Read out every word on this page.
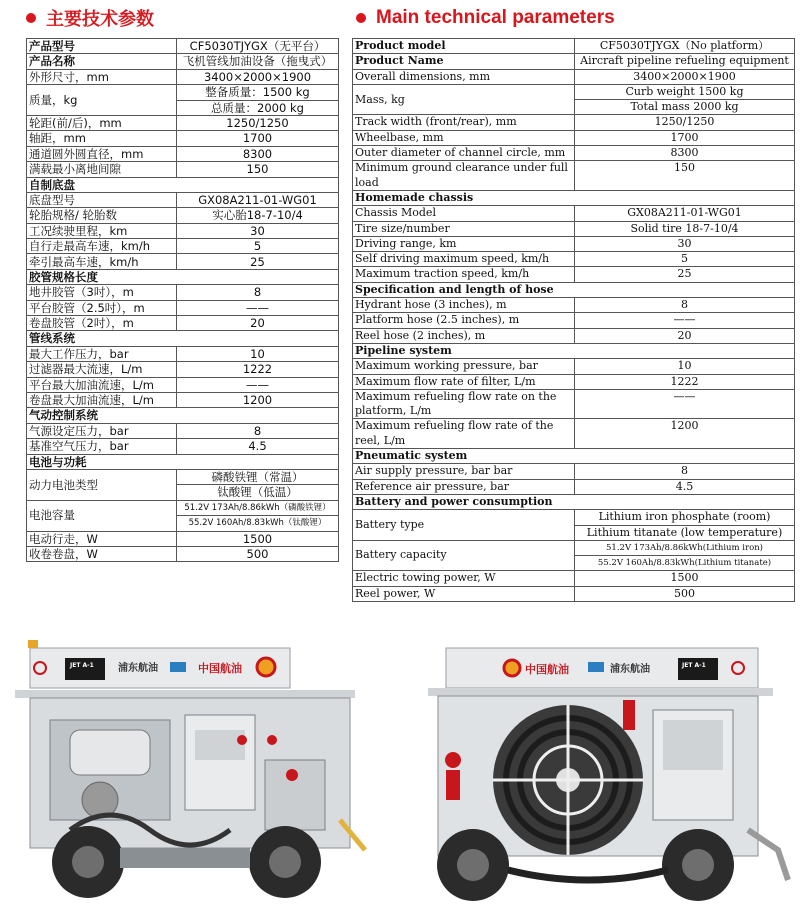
主要技术参数	Main technical parameters
产品型号	CF5030TJYGX（无平台）
产品名称	飞机管线加油设备（拖曳式）
外形尺寸，mm	3400×2000×1900
质量，kg	整备质量：1500 kg
	总质量：2000 kg
轮距(前/后)，mm	1250/1250
轴距，mm	1700
通道圆外圆直径，mm	8300
满载最小离地间隙	150
自制底盘	
底盘型号	GX08A211-01-WG01
轮胎规格/ 轮胎数	实心胎18-7-10/4
工况续驶里程，km	30
自行走最高车速，km/h	5
牵引最高车速，km/h	25
胶管规格长度	
地井胶管（3吋），m	8
平台胶管（2.5吋），m	——
卷盘胶管（2吋），m	20
管线系统	
最大工作压力，bar	10
过滤器最大流速，L/m	1222
平台最大加油流速，L/m	——
卷盘最大加油流速，L/m	1200
气动控制系统	
气源设定压力，bar	8
基准空气压力，bar	4.5
电池与功耗	
动力电池类型	磷酸铁锂（常温）
	钛酸锂（低温）
电池容量	51.2V 173Ah/8.86kWh（磷酸铁锂）
	55.2V 160Ah/8.83kWh（钛酸锂）
电动行走，W	1500
收卷卷盘，W	500
Product model	CF5030TJYGX（No platform）
Product Name	Aircraft pipeline refueling equipment
Overall dimensions, mm	3400×2000×1900
Mass, kg	Curb weight 1500 kg
	Total mass 2000 kg
Track width (front/rear), mm	1250/1250
Wheelbase, mm	1700
Outer diameter of channel circle, mm	8300
Minimum ground clearance under full load	150
Homemade chassis	
Chassis Model	GX08A211-01-WG01
Tire size/number	Solid tire 18-7-10/4
Driving range, km	30
Self driving maximum speed, km/h	5
Maximum traction speed, km/h	25
Specification and length of hose	
Hydrant hose (3 inches), m	8
Platform hose (2.5 inches), m	——
Reel hose (2 inches), m	20
Pipeline system	
Maximum working pressure, bar	10
Maximum flow rate of filter, L/m	1222
Maximum refueling flow rate on the platform, L/m	——
Maximum refueling flow rate of the reel, L/m	1200
Pneumatic system	
Air supply pressure, bar bar	8
Reference air pressure, bar	4.5
Battery and power consumption	
Battery type	Lithium iron phosphate (room)
	Lithium titanate (low temperature)
Battery capacity	51.2V 173Ah/8.86kWh(Lithium iron)
	55.2V 160Ah/8.83kWh(Lithium titanate)
Electric towing power, W	1500
Reel power, W	500
JET A-1 浦东航油	中国航油	中国航油	浦东航油	JET A-1
